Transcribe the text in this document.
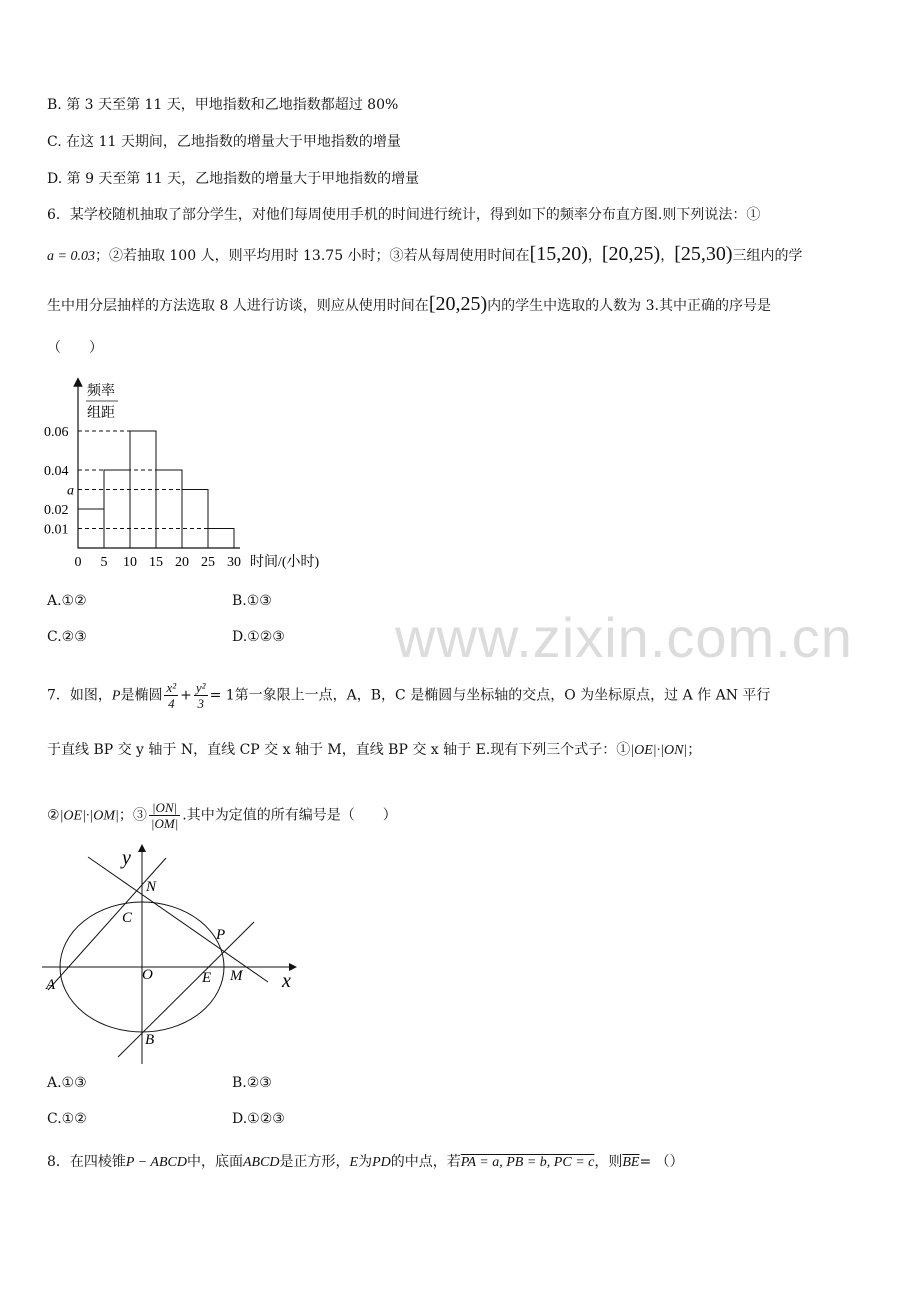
www.zixin.com.cn
B. 第 3 天至第 11 天，甲地指数和乙地指数都超过 80%
C. 在这 11 天期间，乙地指数的增量大于甲地指数的增量
D. 第 9 天至第 11 天，乙地指数的增量大于甲地指数的增量
6．某学校随机抽取了部分学生，对他们每周使用手机的时间进行统计，得到如下的频率分布直方图.则下列说法：①
a = 0.03；②若抽取 100 人，则平均用时 13.75 小时；③若从每周使用时间在[15,20)，[20,25)，[25,30)三组内的学
生中用分层抽样的方法选取 8 人进行访谈，则应从使用时间在[20,25)内的学生中选取的人数为 3.其中正确的序号是
（　　）
频率
组距
0.01
0.02
a
0.04
0.06
0 5 10 15 20 25 30 时间/(小时)
A.①②	B.①③
C.②③	D.①②③
7．如图，P是椭圆 $\frac{\text{x²}}{4} + \frac{\text{y²}}{3} = 1$第一象限上一点，A，B，C 是椭圆与坐标轴的交点，O 为坐标原点，过 A 作 AN 平行
于直线 BP 交 y 轴于 N，直线 CP 交 x 轴于 M，直线 BP 交 x 轴于 E.现有下列三个式子：①|OE|·|ON|；
②|OE|·|OM|；③ $\frac{|ON|}{|OM|}$ .其中为定值的所有编号是（　　）
y
x
N
C
P
O	E M
A
B
A.①③	B.②③
C.①②	D.①②③
8．在四棱锥P − ABCD中，底面ABCD是正方形，E为PD的中点，若PA = a, PB = b, PC = c，则$\overline{BE}=$ （）
